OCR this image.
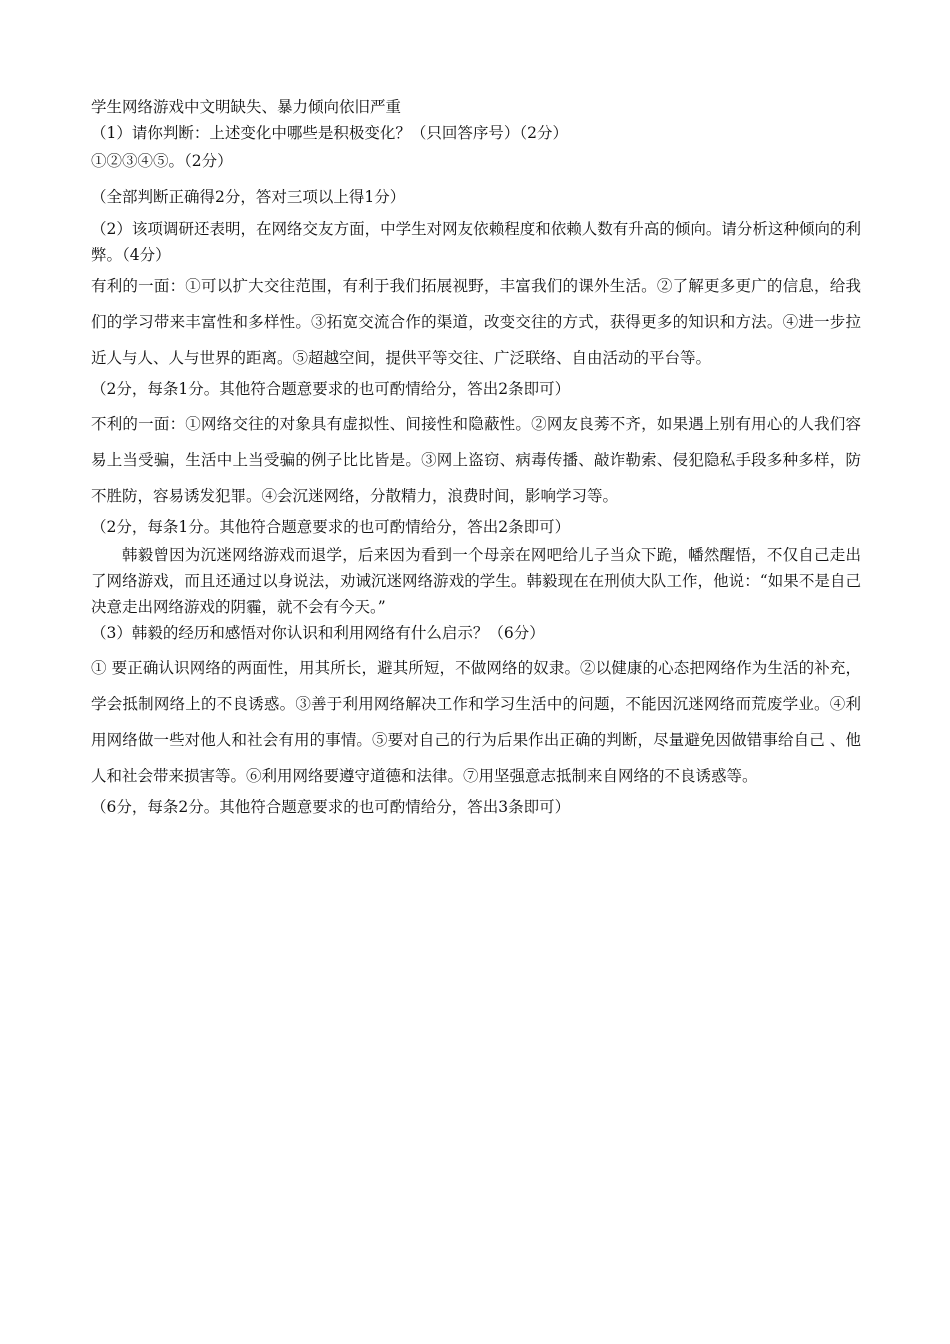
学生网络游戏中文明缺失、暴力倾向依旧严重

（1）请你判断：上述变化中哪些是积极变化？（只回答序号）（2分）

①②③④⑤。（2分）

（全部判断正确得2分，答对三项以上得1分）

（2）该项调研还表明，在网络交友方面，中学生对网友依赖程度和依赖人数有升高的倾向。请分析这种倾向的利弊。（4分）

有利的一面：①可以扩大交往范围，有利于我们拓展视野，丰富我们的课外生活。②了解更多更广的信息，给我们的学习带来丰富性和多样性。③拓宽交流合作的渠道，改变交往的方式，获得更多的知识和方法。④进一步拉近人与人、人与世界的距离。⑤超越空间，提供平等交往、广泛联络、自由活动的平台等。

（2分，每条1分。其他符合题意要求的也可酌情给分，答出2条即可）

不利的一面：①网络交往的对象具有虚拟性、间接性和隐蔽性。②网友良莠不齐，如果遇上别有用心的人我们容易上当受骗，生活中上当受骗的例子比比皆是。③网上盗窃、病毒传播、敲诈勒索、侵犯隐私手段多种多样，防不胜防，容易诱发犯罪。④会沉迷网络，分散精力，浪费时间，影响学习等。

（2分，每条1分。其他符合题意要求的也可酌情给分，答出2条即可）

韩毅曾因为沉迷网络游戏而退学，后来因为看到一个母亲在网吧给儿子当众下跪，幡然醒悟，不仅自己走出了网络游戏，而且还通过以身说法，劝诫沉迷网络游戏的学生。韩毅现在在刑侦大队工作，他说：“如果不是自己决意走出网络游戏的阴霾，就不会有今天。”

（3）韩毅的经历和感悟对你认识和利用网络有什么启示？（6分）

① 要正确认识网络的两面性，用其所长，避其所短，不做网络的奴隶。②以健康的心态把网络作为生活的补充，学会抵制网络上的不良诱惑。③善于利用网络解决工作和学习生活中的问题，不能因沉迷网络而荒废学业。④利用网络做一些对他人和社会有用的事情。⑤要对自己的行为后果作出正确的判断，尽量避免因做错事给自己 、他人和社会带来损害等。⑥利用网络要遵守道德和法律。⑦用坚强意志抵制来自网络的不良诱惑等。

（6分，每条2分。其他符合题意要求的也可酌情给分，答出3条即可）
